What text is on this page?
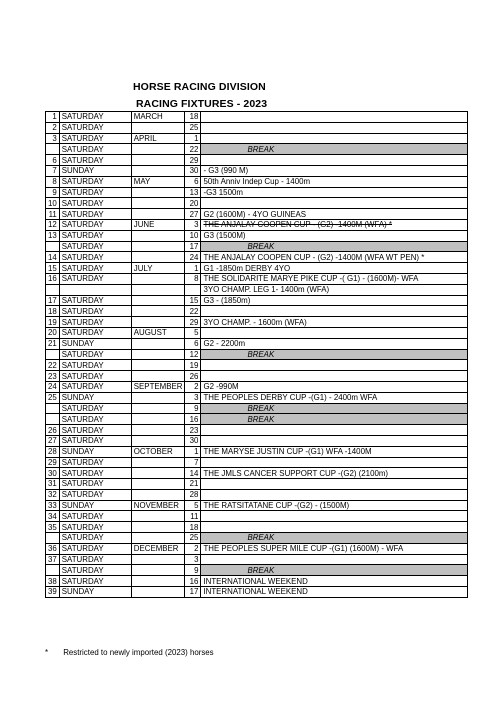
HORSE RACING DIVISION
RACING FIXTURES - 2023
1	SATURDAY	MARCH	18	
2	SATURDAY		25	
3	SATURDAY	APRIL	1	
	SATURDAY		22	BREAK
6	SATURDAY		29	
7	SUNDAY		30	- G3 (990 M)
8	SATURDAY	MAY	6	50th Anniv Indep Cup - 1400m
9	SATURDAY		13	-G3 1500m
10	SATURDAY		20	
11	SATURDAY		27	G2 (1600M) - 4YO GUINEAS
12	SATURDAY	JUNE	3	THE ANJALAY COOPEN CUP - (G2) -1400M (WFA) *
13	SATURDAY		10	G3 (1500M)
	SATURDAY		17	BREAK
14	SATURDAY		24	THE ANJALAY COOPEN CUP - (G2) -1400M (WFA WT PEN) *
15	SATURDAY	JULY	1	G1 -1850m DERBY 4YO
16	SATURDAY		8	THE SOLIDARITE MARYE PIKE CUP -( G1) - (1600M)- WFA
				3YO CHAMP. LEG 1- 1400m (WFA)
17	SATURDAY		15	G3 - (1850m)
18	SATURDAY		22	
19	SATURDAY		29	3YO CHAMP. - 1600m (WFA)
20	SATURDAY	AUGUST	5	
21	SUNDAY		6	G2 - 2200m
	SATURDAY		12	BREAK
22	SATURDAY		19	
23	SATURDAY		26	
24	SATURDAY	SEPTEMBER	2	G2 -990M
25	SUNDAY		3	THE PEOPLES DERBY CUP -(G1) - 2400m WFA
	SATURDAY		9	BREAK
	SATURDAY		16	BREAK
26	SATURDAY		23	
27	SATURDAY		30	
28	SUNDAY	OCTOBER	1	THE MARYSE JUSTIN CUP -(G1) WFA -1400M
29	SATURDAY		7	
30	SATURDAY		14	THE JMLS CANCER SUPPORT CUP -(G2) (2100m)
31	SATURDAY		21	
32	SATURDAY		28	
33	SUNDAY	NOVEMBER	5	THE RATSITATANE CUP -(G2) - (1500M)
34	SATURDAY		11	
35	SATURDAY		18	
	SATURDAY		25	BREAK
36	SATURDAY	DECEMBER	2	THE PEOPLES SUPER MILE CUP -(G1) (1600M) - WFA
37	SATURDAY		3	
	SATURDAY		9	BREAK
38	SATURDAY		16	INTERNATIONAL WEEKEND
39	SUNDAY		17	INTERNATIONAL WEEKEND
* Restricted to newly imported (2023) horses
